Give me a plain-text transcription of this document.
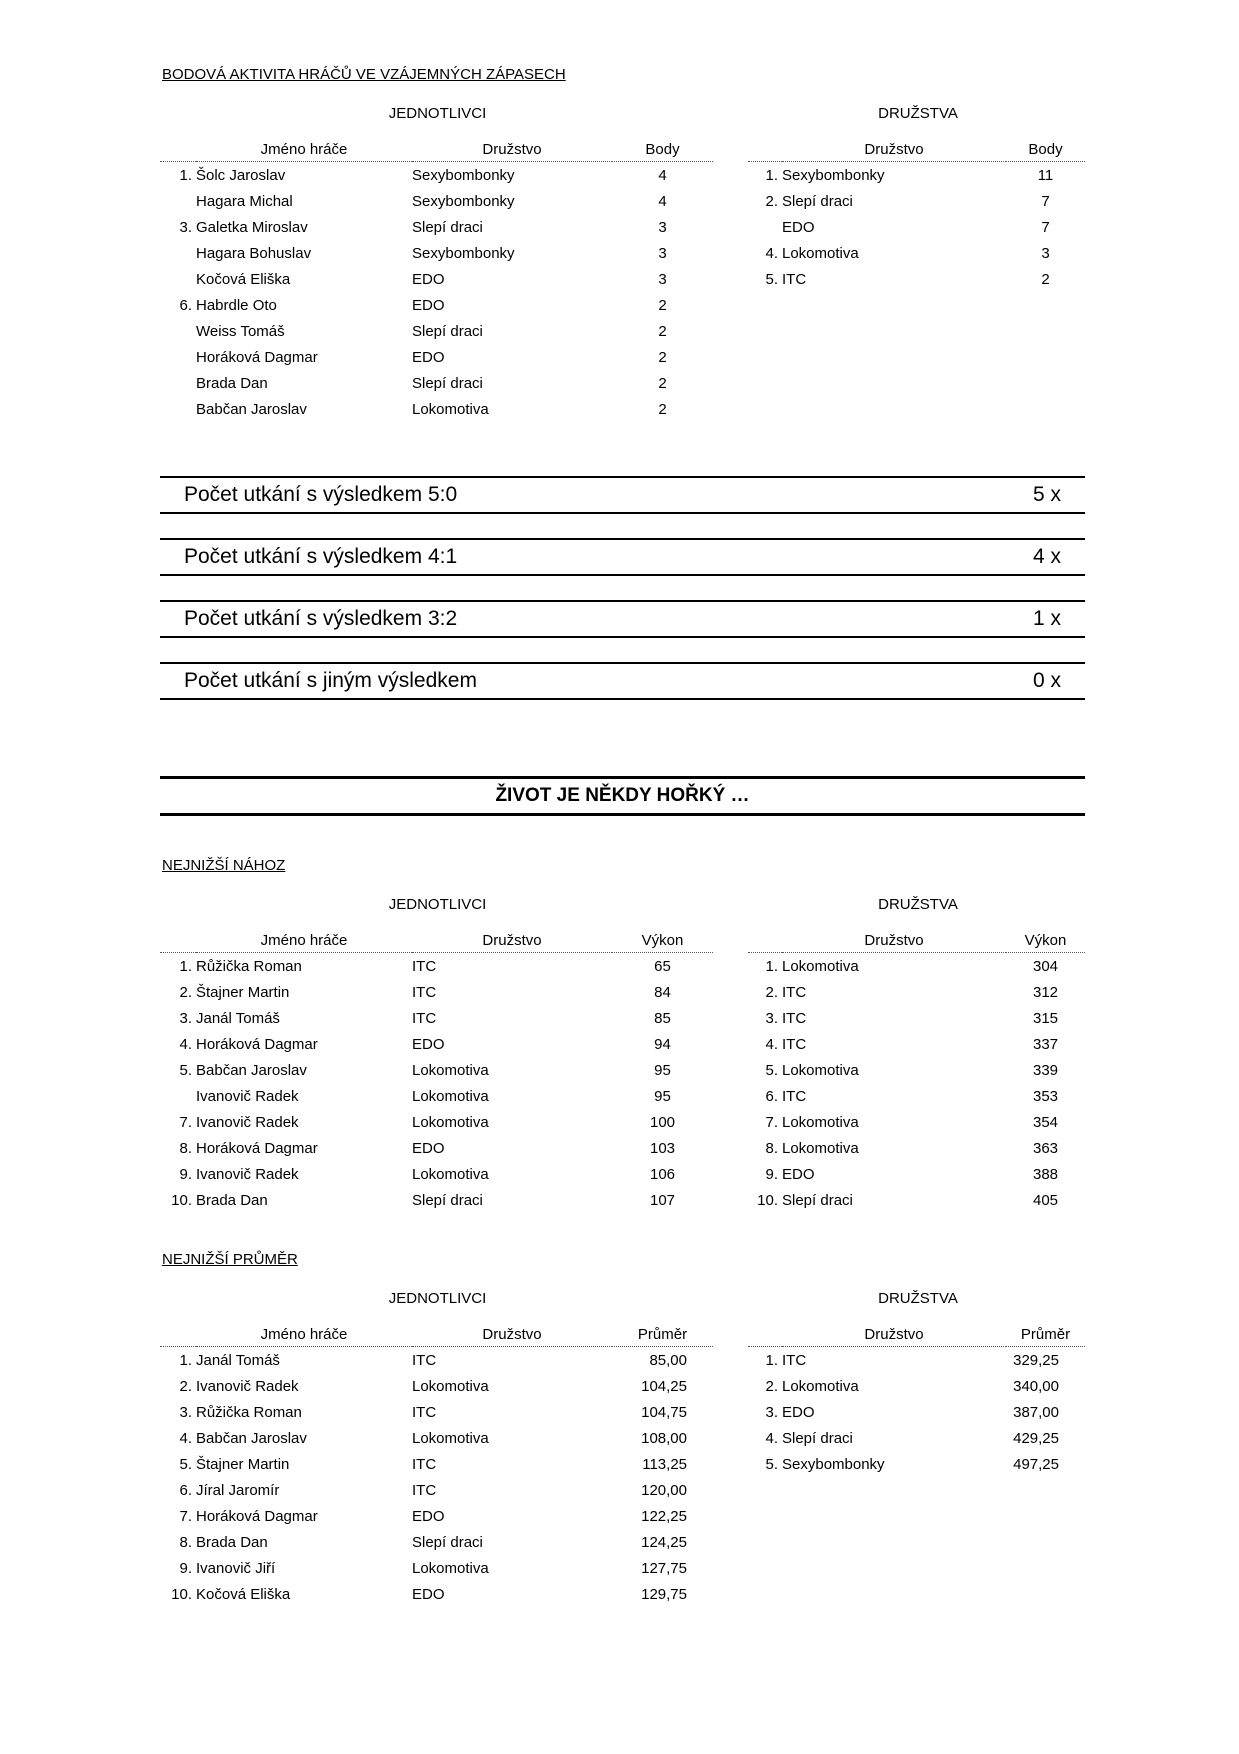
BODOVÁ AKTIVITA HRÁČŮ VE VZÁJEMNÝCH ZÁPASECH
JEDNOTLIVCI	DRUŽSTVA
	Jméno hráče	Družstvo	Body
1.	Šolc Jaroslav	Sexybombonky	4
	Hagara Michal	Sexybombonky	4
3.	Galetka Miroslav	Slepí draci	3
	Hagara Bohuslav	Sexybombonky	3
	Kočová Eliška	EDO	3
6.	Habrdle Oto	EDO	2
	Weiss Tomáš	Slepí draci	2
	Horáková Dagmar	EDO	2
	Brada Dan	Slepí draci	2
	Babčan Jaroslav	Lokomotiva	2
	Družstvo	Body
1.	Sexybombonky	11
2.	Slepí draci	7
	EDO	7
4.	Lokomotiva	3
5.	ITC	2
Počet utkání s výsledkem 5:0	5 x
Počet utkání s výsledkem 4:1	4 x
Počet utkání s výsledkem 3:2	1 x
Počet utkání s jiným výsledkem	0 x
ŽIVOT JE NĚKDY HOŘKÝ …
NEJNIŽŠÍ NÁHOZ
JEDNOTLIVCI	DRUŽSTVA
	Jméno hráče	Družstvo	Výkon
1.	Růžička Roman	ITC	65
2.	Štajner Martin	ITC	84
3.	Janál Tomáš	ITC	85
4.	Horáková Dagmar	EDO	94
5.	Babčan Jaroslav	Lokomotiva	95
	Ivanovič Radek	Lokomotiva	95
7.	Ivanovič Radek	Lokomotiva	100
8.	Horáková Dagmar	EDO	103
9.	Ivanovič Radek	Lokomotiva	106
10.	Brada Dan	Slepí draci	107
	Družstvo	Výkon
1.	Lokomotiva	304
2.	ITC	312
3.	ITC	315
4.	ITC	337
5.	Lokomotiva	339
6.	ITC	353
7.	Lokomotiva	354
8.	Lokomotiva	363
9.	EDO	388
10.	Slepí draci	405
NEJNIŽŠÍ PRŮMĚR
JEDNOTLIVCI	DRUŽSTVA
	Jméno hráče	Družstvo	Průměr
1.	Janál Tomáš	ITC	85,00
2.	Ivanovič Radek	Lokomotiva	104,25
3.	Růžička Roman	ITC	104,75
4.	Babčan Jaroslav	Lokomotiva	108,00
5.	Štajner Martin	ITC	113,25
6.	Jíral Jaromír	ITC	120,00
7.	Horáková Dagmar	EDO	122,25
8.	Brada Dan	Slepí draci	124,25
9.	Ivanovič Jiří	Lokomotiva	127,75
10.	Kočová Eliška	EDO	129,75
	Družstvo	Průměr
1.	ITC	329,25
2.	Lokomotiva	340,00
3.	EDO	387,00
4.	Slepí draci	429,25
5.	Sexybombonky	497,25
